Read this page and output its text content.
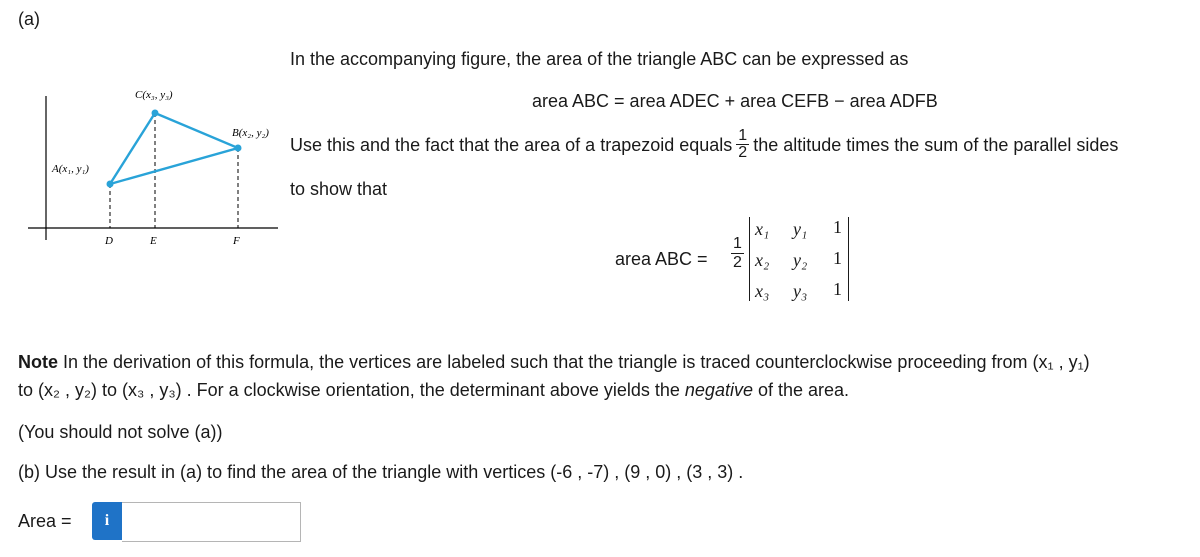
(a)
A(x₁, y₁)
C(x₃, y₃)
B(x₂, y₂)
D	E	F
In the accompanying figure, the area of the triangle ABC can be expressed as
area ABC = area ADEC + area CEFB − area ADFB
Use this and the fact that the area of a trapezoid equals $\frac{1}{2}$ the altitude times the sum of the parallel sides
to show that
area ABC = $\frac{1}{2}$
x₁ y₁ 1
x₂ y₂ 1
x₃ y₃ 1
Note In the derivation of this formula, the vertices are labeled such that the triangle is traced counterclockwise proceeding from (x₁ , y₁)
to (x₂ , y₂) to (x₃ , y₃) . For a clockwise orientation, the determinant above yields the negative of the area.
(You should not solve (a))
(b) Use the result in (a) to find the area of the triangle with vertices (-6 , -7) , (9 , 0) , (3 , 3) .
Area =	i
